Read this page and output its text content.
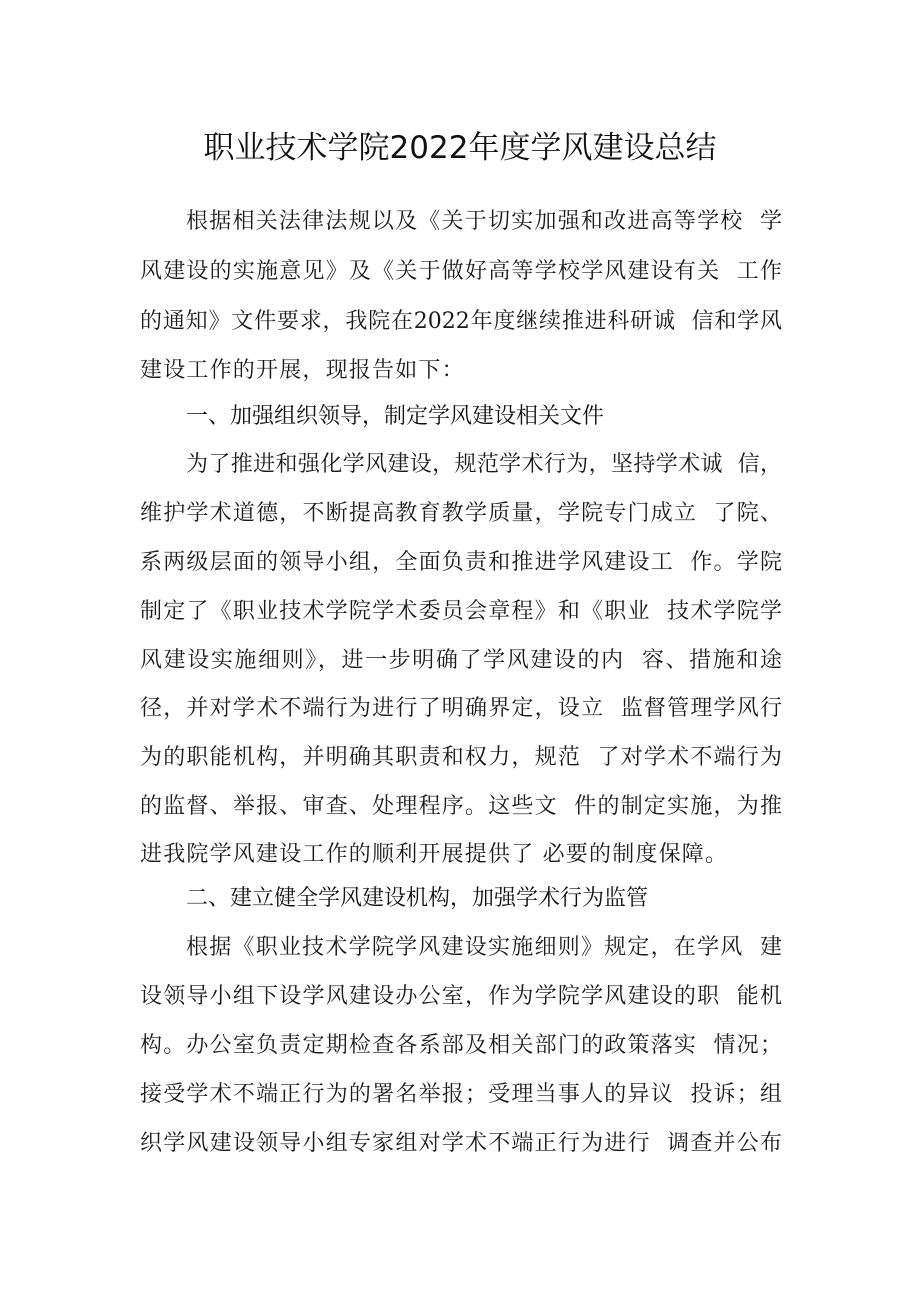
职业技术学院2022年度学风建设总结
根据相关法律法规以及《关于切实加强和改进高等学校  学
风建设的实施意见》及《关于做好高等学校学风建设有关  工作
的通知》文件要求，我院在2022年度继续推进科研诚  信和学风
建设工作的开展，现报告如下：
一、加强组织领导，制定学风建设相关文件
为了推进和强化学风建设，规范学术行为，坚持学术诚  信，
维护学术道德，不断提高教育教学质量，学院专门成立  了院、
系两级层面的领导小组，全面负责和推进学风建设工  作。学院
制定了《职业技术学院学术委员会章程》和《职业  技术学院学
风建设实施细则》，进一步明确了学风建设的内  容、措施和途
径，并对学术不端行为进行了明确界定，设立  监督管理学风行
为的职能机构，并明确其职责和权力，规范  了对学术不端行为
的监督、举报、审查、处理程序。这些文  件的制定实施，为推
进我院学风建设工作的顺利开展提供了 必要的制度保障。
二、建立健全学风建设机构，加强学术行为监管
根据《职业技术学院学风建设实施细则》规定，在学风  建
设领导小组下设学风建设办公室，作为学院学风建设的职  能机
构。办公室负责定期检查各系部及相关部门的政策落实  情况；
接受学术不端正行为的署名举报；受理当事人的异议  投诉；组
织学风建设领导小组专家组对学术不端正行为进行  调查并公布
